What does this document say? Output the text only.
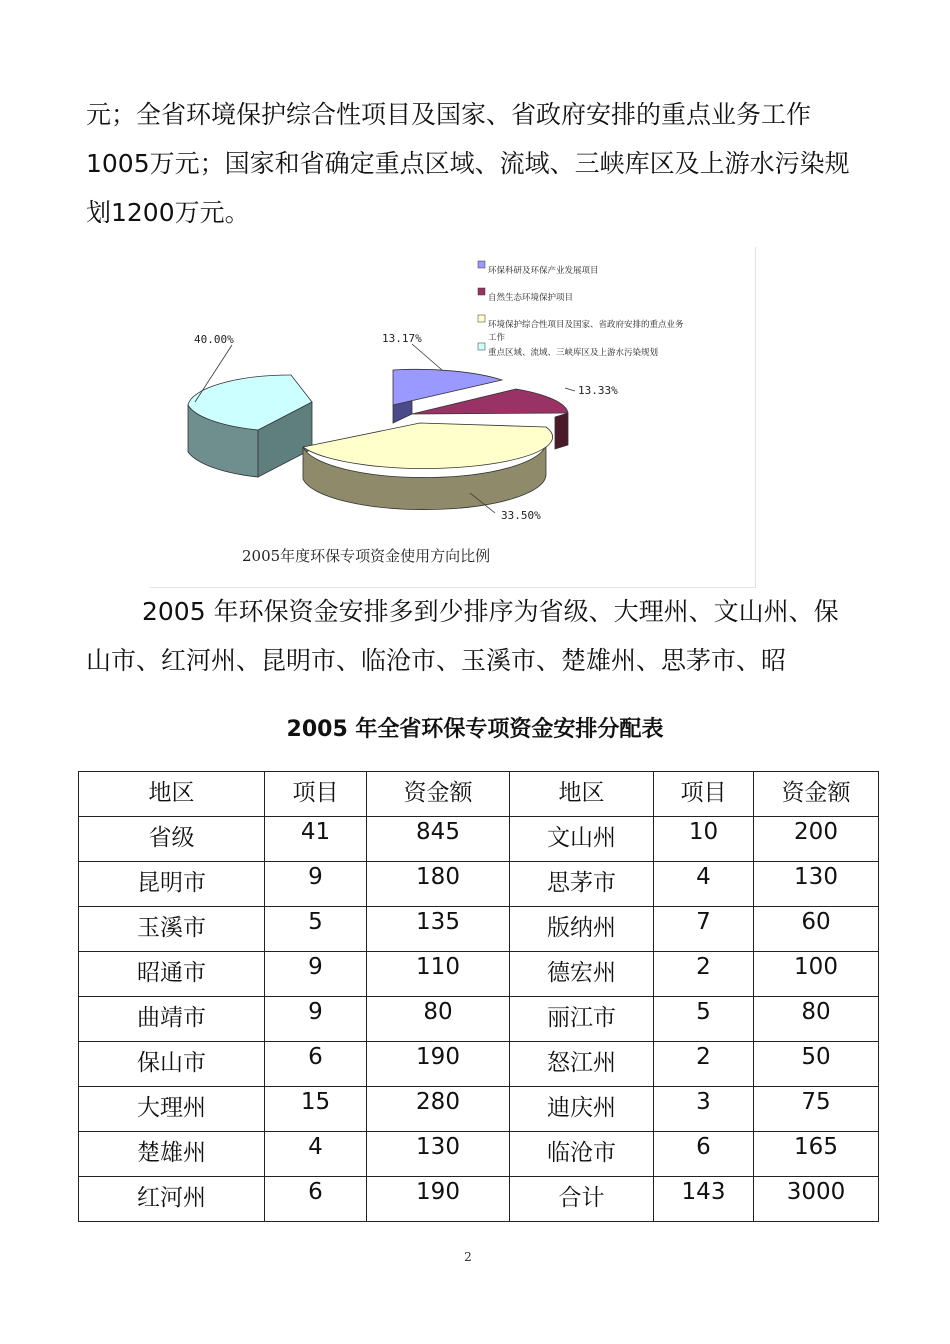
元；全省环境保护综合性项目及国家、省政府安排的重点业务工作1005万元；国家和省确定重点区域、流域、三峡库区及上游水污染规划1200万元。

40.00%	13.17%
13.33%
33.50%
环保科研及环保产业发展项目
自然生态环境保护项目
环境保护综合性项目及国家、省政府安排的重点业务
工作
重点区域、流域、三峡库区及上游水污染规划
2005年度环保专项资金使用方向比例

2005 年环保资金安排多到少排序为省级、大理州、文山州、保山市、红河州、昆明市、临沧市、玉溪市、楚雄州、思茅市、昭

2005 年全省环保专项资金安排分配表
地区	项目	资金额	地区	项目	资金额
省级	41	845	文山州	10	200
昆明市	9	180	思茅市	4	130
玉溪市	5	135	版纳州	7	60
昭通市	9	110	德宏州	2	100
曲靖市	9	80	丽江市	5	80
保山市	6	190	怒江州	2	50
大理州	15	280	迪庆州	3	75
楚雄州	4	130	临沧市	6	165
红河州	6	190	合计	143	3000
2
